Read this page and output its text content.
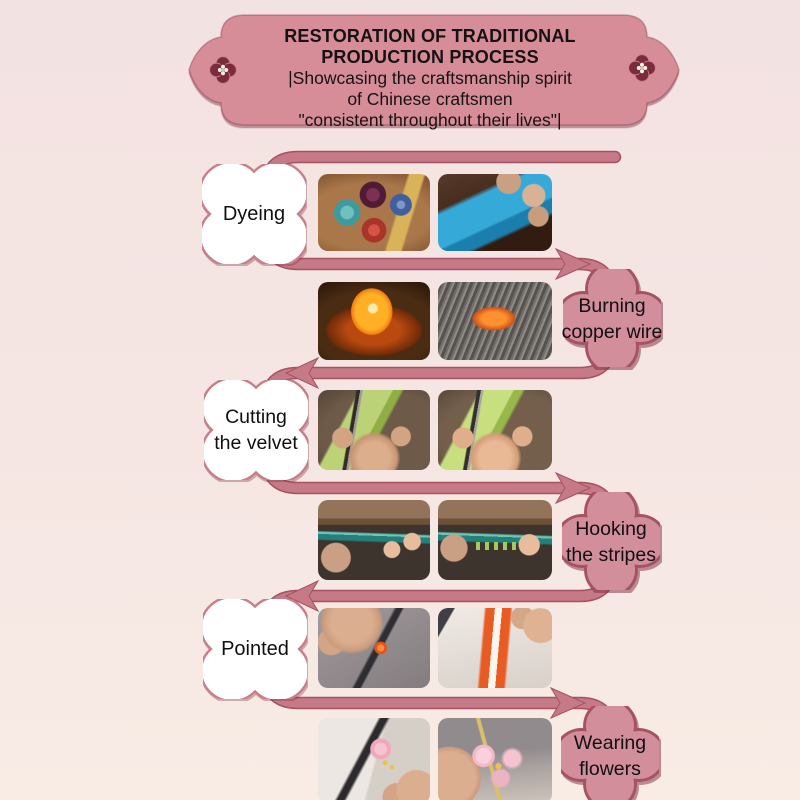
RESTORATION OF TRADITIONAL
PRODUCTION PROCESS
|Showcasing the craftsmanship spirit
of Chinese craftsmen
"consistent throughout their lives"|
Dyeing
Burning
copper wire
Cutting
the velvet
Hooking
the stripes
Pointed
Wearing
flowers
